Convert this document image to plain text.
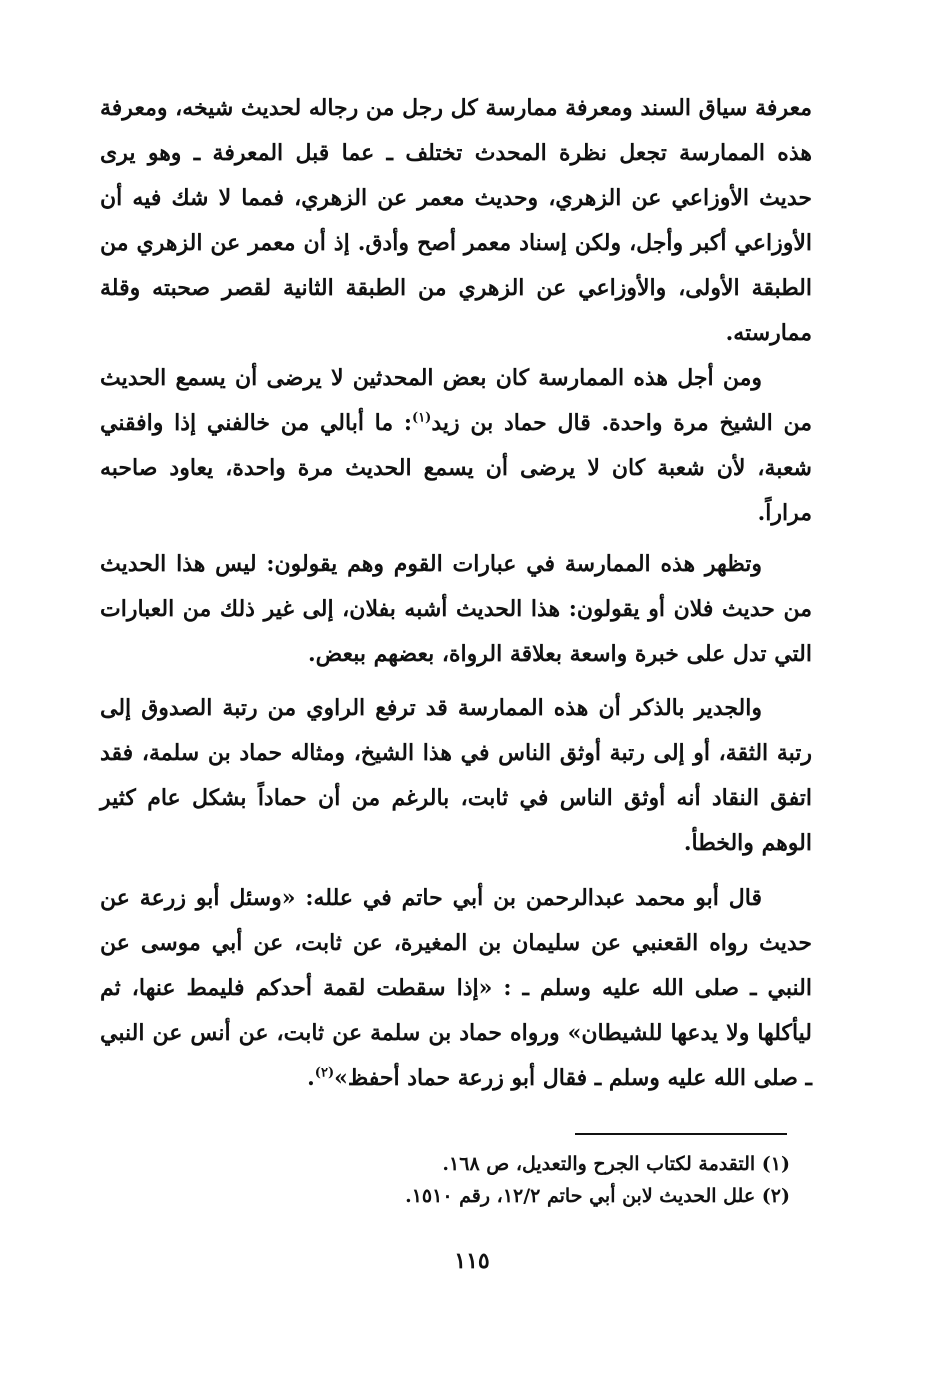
معرفة سياق السند ومعرفة ممارسة كل رجل من رجاله لحديث شيخه، ومعرفة هذه الممارسة تجعل نظرة المحدث تختلف ـ عما قبل المعرفة ـ وهو يرى حديث الأوزاعي عن الزهري، وحديث معمر عن الزهري، فمما لا شك فيه أن الأوزاعي أكبر وأجل، ولكن إسناد معمر أصح وأدق. إذ أن معمر عن الزهري من الطبقة الأولى، والأوزاعي عن الزهري من الطبقة الثانية لقصر صحبته وقلة ممارسته.

ومن أجل هذه الممارسة كان بعض المحدثين لا يرضى أن يسمع الحديث من الشيخ مرة واحدة. قال حماد بن زيد$^{(١)}$: ما أبالي من خالفني إذا وافقني شعبة، لأن شعبة كان لا يرضى أن يسمع الحديث مرة واحدة، يعاود صاحبه مراراً.

وتظهر هذه الممارسة في عبارات القوم وهم يقولون: ليس هذا الحديث من حديث فلان أو يقولون: هذا الحديث أشبه بفلان، إلى غير ذلك من العبارات التي تدل على خبرة واسعة بعلاقة الرواة، بعضهم ببعض.

والجدير بالذكر أن هذه الممارسة قد ترفع الراوي من رتبة الصدوق إلى رتبة الثقة، أو إلى رتبة أوثق الناس في هذا الشيخ، ومثاله حماد بن سلمة، فقد اتفق النقاد أنه أوثق الناس في ثابت، بالرغم من أن حماداً بشكل عام كثير الوهم والخطأ.

قال أبو محمد عبدالرحمن بن أبي حاتم في علله: «وسئل أبو زرعة عن حديث رواه القعنبي عن سليمان بن المغيرة، عن ثابت، عن أبي موسى عن النبي ـ صلى الله عليه وسلم ـ : «إذا سقطت لقمة أحدكم فليمط عنها، ثم ليأكلها ولا يدعها للشيطان» ورواه حماد بن سلمة عن ثابت، عن أنس عن النبي ـ صلى الله عليه وسلم ـ فقال أبو زرعة حماد أحفظ»$^{(٢)}$.

(١) التقدمة لكتاب الجرح والتعديل، ص ١٦٨.

(٢) علل الحديث لابن أبي حاتم ١٢/٢، رقم ١٥١٠.

١١٥
